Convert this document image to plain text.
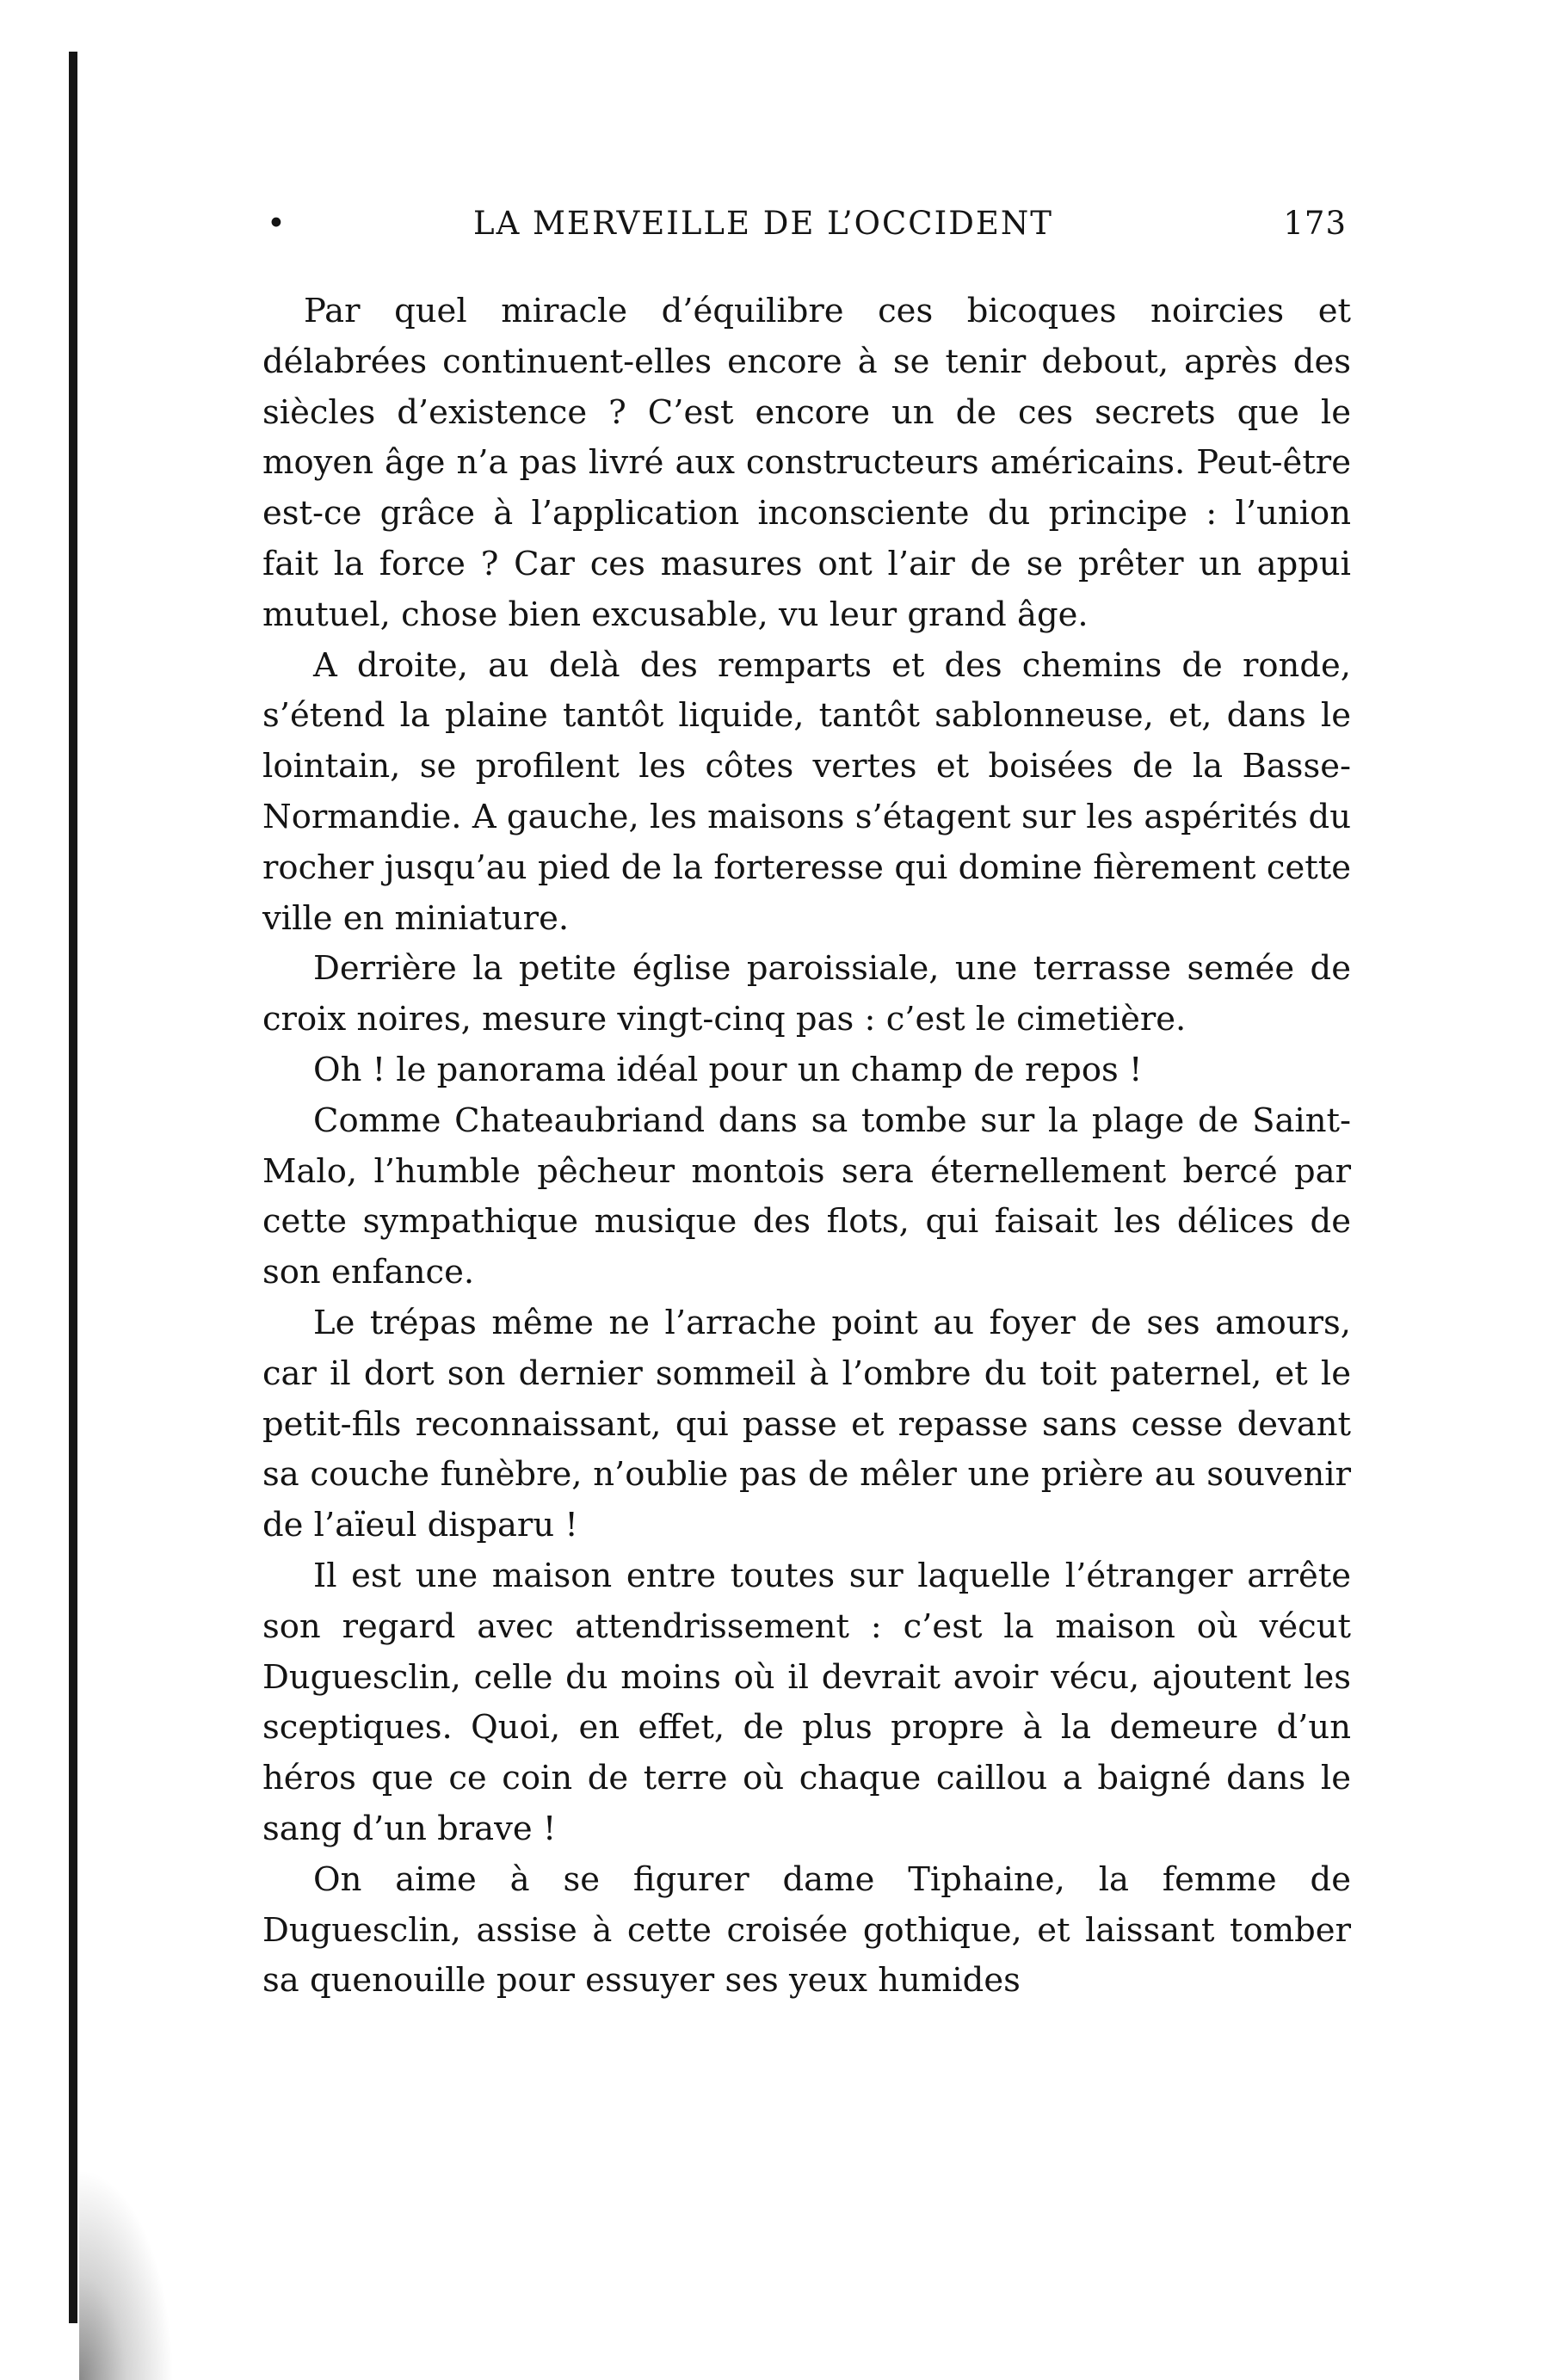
•	LA MERVEILLE DE L’OCCIDENT	173

Par quel miracle d’équilibre ces bicoques noircies et délabrées continuent-elles encore à se tenir debout, après des siècles d’existence ? C’est encore un de ces secrets que le moyen âge n’a pas livré aux constructeurs américains. Peut-être est-ce grâce à l’application inconsciente du principe : l’union fait la force ? Car ces masures ont l’air de se prêter un appui mutuel, chose bien excusable, vu leur grand âge.

A droite, au delà des remparts et des chemins de ronde, s’étend la plaine tantôt liquide, tantôt sablonneuse, et, dans le lointain, se profilent les côtes vertes et boisées de la Basse-Normandie. A gauche, les maisons s’étagent sur les aspérités du rocher jusqu’au pied de la forteresse qui domine fièrement cette ville en miniature.

Derrière la petite église paroissiale, une terrasse semée de croix noires, mesure vingt-cinq pas : c’est le cimetière.

Oh ! le panorama idéal pour un champ de repos !

Comme Chateaubriand dans sa tombe sur la plage de Saint-Malo, l’humble pêcheur montois sera éternellement bercé par cette sympathique musique des flots, qui faisait les délices de son enfance.

Le trépas même ne l’arrache point au foyer de ses amours, car il dort son dernier sommeil à l’ombre du toit paternel, et le petit-fils reconnaissant, qui passe et repasse sans cesse devant sa couche funèbre, n’oublie pas de mêler une prière au souvenir de l’aïeul disparu !

Il est une maison entre toutes sur laquelle l’étranger arrête son regard avec attendrissement : c’est la maison où vécut Duguesclin, celle du moins où il devrait avoir vécu, ajoutent les sceptiques. Quoi, en effet, de plus propre à la demeure d’un héros que ce coin de terre où chaque caillou a baigné dans le sang d’un brave !

On aime à se figurer dame Tiphaine, la femme de Duguesclin, assise à cette croisée gothique, et laissant tomber sa quenouille pour essuyer ses yeux humides
